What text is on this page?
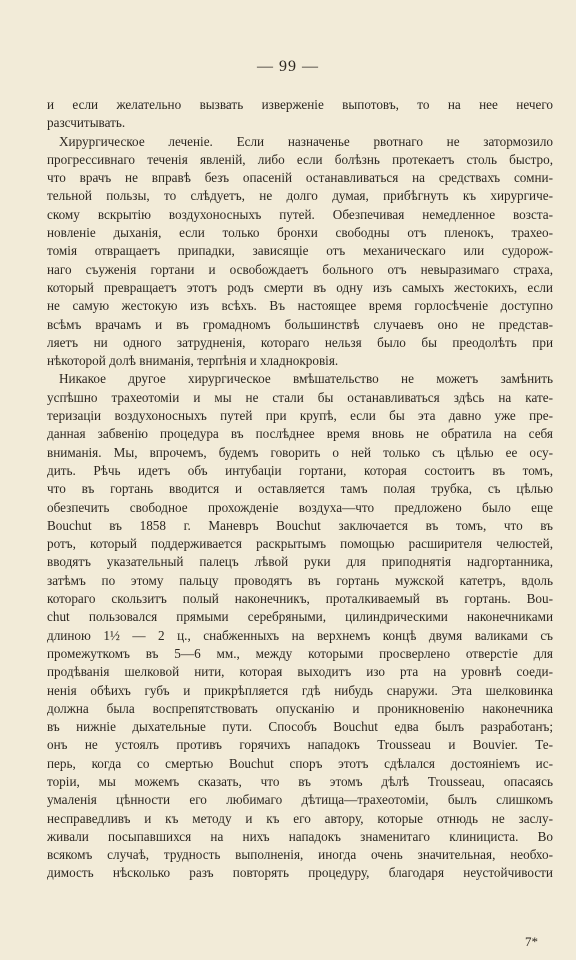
— 99 —
и если желательно вызвать изверженіе выпотовъ, то на нее нечего
разсчитывать.
Хирургическое леченіе. Если назначенье рвотнаго не затормозило
прогрессивнаго теченія явленій, либо если болѣзнь протекаетъ столь быстро,
что врачъ не вправѣ безъ опасеній останавливаться на средствахъ сомни-
тельной пользы, то слѣдуетъ, не долго думая, прибѣгнуть къ хирургиче-
скому вскрытію воздухоносныхъ путей. Обезпечивая немедленное возста-
новленіе дыханія, если только бронхи свободны отъ пленокъ, трахео-
томія отвращаетъ припадки, зависящіе отъ механическаго или судорож-
наго съуженія гортани и освобождаетъ больного отъ невыразимаго страха,
который превращаетъ этотъ родъ смерти въ одну изъ самыхъ жестокихъ, если
не самую жестокую изъ всѣхъ. Въ настоящее время горлосѣченіе доступно
всѣмъ врачамъ и въ громадномъ большинствѣ случаевъ оно не представ-
ляетъ ни одного затрудненія, котораго нельзя было бы преодолѣть при
нѣкоторой долѣ вниманія, терпѣнія и хладнокровія.
Никакое другое хирургическое вмѣшательство не можетъ замѣнить
успѣшно трахеотоміи и мы не стали бы останавливаться здѣсь на кате-
теризаціи воздухоносныхъ путей при крупѣ, если бы эта давно уже пре-
данная забвенію процедура въ послѣднее время вновь не обратила на себя
вниманія. Мы, впрочемъ, будемъ говорить о ней только съ цѣлью ее осу-
дить. Рѣчь идетъ объ интубаціи гортани, которая состоитъ въ томъ,
что въ гортань вводится и оставляется тамъ полая трубка, съ цѣлью
обезпечить свободное прохожденіе воздуха—что предложено было еще
Bouchut въ 1858 г. Маневръ Bouchut заключается въ томъ, что въ
ротъ, который поддерживается раскрытымъ помощью расширителя челюстей,
вводятъ указательный палецъ лѣвой руки для приподнятія надгортанника,
затѣмъ по этому пальцу проводятъ въ гортань мужской катетръ, вдоль
котораго скользитъ полый наконечникъ, проталкиваемый въ гортань. Bou-
chut пользовался прямыми серебряными, цилиндрическими наконечниками
длиною 1½ — 2 ц., снабженныхъ на верхнемъ концѣ двумя валиками съ
промежуткомъ въ 5—6 мм., между которыми просверлено отверстіе для
продѣванія шелковой нити, которая выходитъ изо рта на уровнѣ соеди-
ненія обѣихъ губъ и прикрѣпляется гдѣ нибудь снаружи. Эта шелковинка
должна была воспрепятствовать опусканію и проникновенію наконечника
въ нижніе дыхательные пути. Способъ Bouchut едва былъ разработанъ;
онъ не устоялъ противъ горячихъ нападокъ Trousseau и Bouvier. Те-
перь, когда со смертью Bouchut споръ этотъ сдѣлался достояніемъ ис-
торіи, мы можемъ сказать, что въ этомъ дѣлѣ Trousseau, опасаясь
умаленія цѣнности его любимаго дѣтища—трахеотоміи, былъ слишкомъ
несправедливъ и къ методу и къ его автору, которые отнюдь не заслу-
живали посыпавшихся на нихъ нападокъ знаменитаго клинициста. Во
всякомъ случаѣ, трудность выполненія, иногда очень значительная, необхо-
димость нѣсколько разъ повторять процедуру, благодаря неустойчивости
7*
